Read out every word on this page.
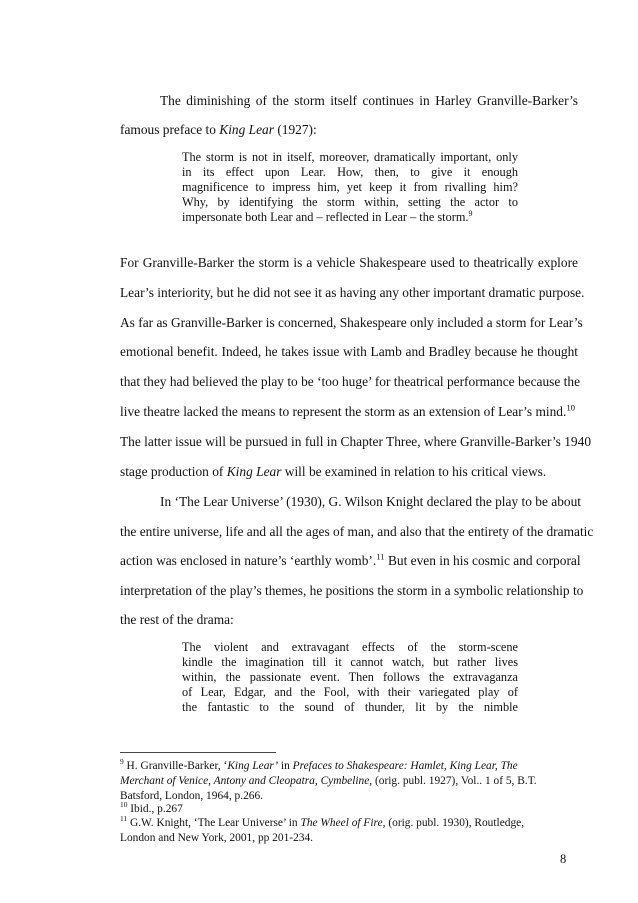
The diminishing of the storm itself continues in Harley Granville-Barker’s
famous preface to King Lear (1927):
The storm is not in itself, moreover, dramatically important, only
in its effect upon Lear. How, then, to give it enough
magnificence to impress him, yet keep it from rivalling him?
Why, by identifying the storm within, setting the actor to
impersonate both Lear and – reflected in Lear – the storm.$^9$
For Granville-Barker the storm is a vehicle Shakespeare used to theatrically explore
Lear’s interiority, but he did not see it as having any other important dramatic purpose.
As far as Granville-Barker is concerned, Shakespeare only included a storm for Lear’s
emotional benefit. Indeed, he takes issue with Lamb and Bradley because he thought
that they had believed the play to be ‘too huge’ for theatrical performance because the
live theatre lacked the means to represent the storm as an extension of Lear’s mind.$^{10}$
The latter issue will be pursued in full in Chapter Three, where Granville-Barker’s 1940
stage production of King Lear will be examined in relation to his critical views.
In ‘The Lear Universe’ (1930), G. Wilson Knight declared the play to be about
the entire universe, life and all the ages of man, and also that the entirety of the dramatic
action was enclosed in nature’s ‘earthly womb’.$^{11}$ But even in his cosmic and corporal
interpretation of the play’s themes, he positions the storm in a symbolic relationship to
the rest of the drama:
The violent and extravagant effects of the storm-scene
kindle the imagination till it cannot watch, but rather lives
within, the passionate event. Then follows the extravaganza
of Lear, Edgar, and the Fool, with their variegated play of
the fantastic to the sound of thunder, lit by the nimble
$^9$ H. Granville-Barker, ‘King Lear’ in Prefaces to Shakespeare: Hamlet, King Lear, The
Merchant of Venice, Antony and Cleopatra, Cymbeline, (orig. publ. 1927), Vol.. 1 of 5, B.T.
Batsford, London, 1964, p.266.
$^{10}$ Ibid., p.267
$^{11}$ G.W. Knight, ‘The Lear Universe’ in The Wheel of Fire, (orig. publ. 1930), Routledge,
London and New York, 2001, pp 201-234.
8
